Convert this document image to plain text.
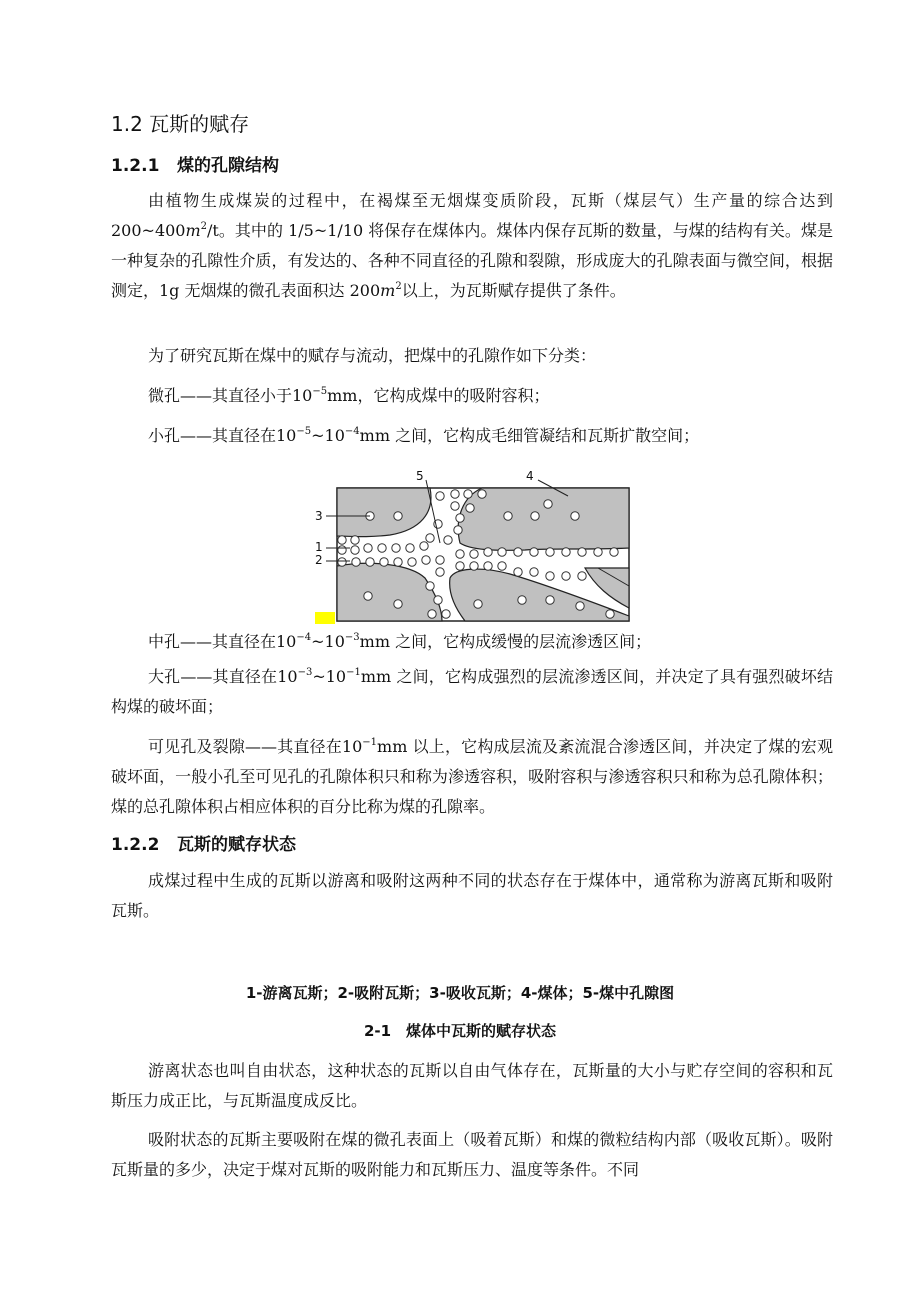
1.2 瓦斯的赋存
1.2.1 煤的孔隙结构
由植物生成煤炭的过程中，在褐煤至无烟煤变质阶段，瓦斯（煤层气）生产量的综合达到 $200\sim 400m^2/t$。其中的 1/5~1/10 将保存在煤体内。煤体内保存瓦斯的数量，与煤的结构有关。煤是一种复杂的孔隙性介质，有发达的、各种不同直径的孔隙和裂隙，形成庞大的孔隙表面与微空间，根据测定，1g 无烟煤的微孔表面积达 $200m^2$以上，为瓦斯赋存提供了条件。
为了研究瓦斯在煤中的赋存与流动，把煤中的孔隙作如下分类：
微孔——其直径小于$10^{-5}mm$，它构成煤中的吸附容积；
小孔——其直径在$10^{-5}\sim 10^{-4}mm$ 之间，它构成毛细管凝结和瓦斯扩散空间；
5	4
3
1
2
中孔——其直径在$10^{-4}\sim 10^{-3}mm$ 之间，它构成缓慢的层流渗透区间；
大孔——其直径在$10^{-3}\sim 10^{-1}mm$ 之间，它构成强烈的层流渗透区间，并决定了具有强烈破坏结构煤的破坏面；
可见孔及裂隙——其直径在$10^{-1}mm$ 以上，它构成层流及紊流混合渗透区间，并决定了煤的宏观破坏面，一般小孔至可见孔的孔隙体积只和称为渗透容积，吸附容积与渗透容积只和称为总孔隙体积；煤的总孔隙体积占相应体积的百分比称为煤的孔隙率。
1.2.2 瓦斯的赋存状态
成煤过程中生成的瓦斯以游离和吸附这两种不同的状态存在于煤体中，通常称为游离瓦斯和吸附瓦斯。
1-游离瓦斯；2-吸附瓦斯；3-吸收瓦斯；4-煤体；5-煤中孔隙图
2-1　煤体中瓦斯的赋存状态
游离状态也叫自由状态，这种状态的瓦斯以自由气体存在，瓦斯量的大小与贮存空间的容积和瓦斯压力成正比，与瓦斯温度成反比。
吸附状态的瓦斯主要吸附在煤的微孔表面上（吸着瓦斯）和煤的微粒结构内部（吸收瓦斯）。吸附瓦斯量的多少，决定于煤对瓦斯的吸附能力和瓦斯压力、温度等条件。不同
